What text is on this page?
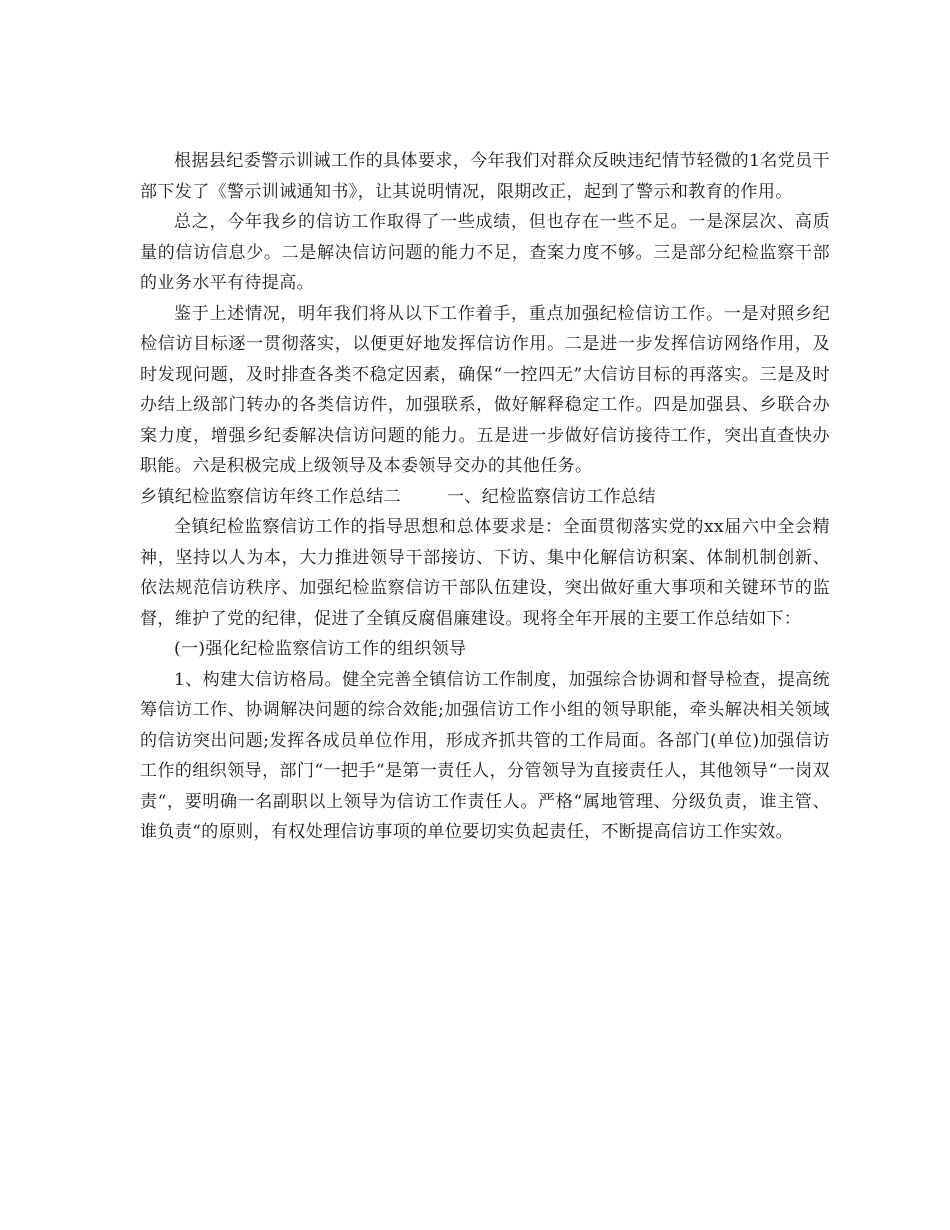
根据县纪委警示训诫工作的具体要求，今年我们对群众反映违纪情节轻微的1名党员干部下发了《警示训诫通知书》，让其说明情况，限期改正，起到了警示和教育的作用。

总之，今年我乡的信访工作取得了一些成绩，但也存在一些不足。一是深层次、高质量的信访信息少。二是解决信访问题的能力不足，查案力度不够。三是部分纪检监察干部的业务水平有待提高。

鉴于上述情况，明年我们将从以下工作着手，重点加强纪检信访工作。一是对照乡纪检信访目标逐一贯彻落实，以便更好地发挥信访作用。二是进一步发挥信访网络作用，及时发现问题，及时排查各类不稳定因素，确保“一控四无”大信访目标的再落实。三是及时办结上级部门转办的各类信访件，加强联系，做好解释稳定工作。四是加强县、乡联合办案力度，增强乡纪委解决信访问题的能力。五是进一步做好信访接待工作，突出直查快办职能。六是积极完成上级领导及本委领导交办的其他任务。

乡镇纪检监察信访年终工作总结二	一、纪检监察信访工作总结

全镇纪检监察信访工作的指导思想和总体要求是：全面贯彻落实党的xx届六中全会精神，坚持以人为本，大力推进领导干部接访、下访、集中化解信访积案、体制机制创新、依法规范信访秩序、加强纪检监察信访干部队伍建设，突出做好重大事项和关键环节的监督，维护了党的纪律，促进了全镇反腐倡廉建设。现将全年开展的主要工作总结如下：

(一)强化纪检监察信访工作的组织领导

1、构建大信访格局。健全完善全镇信访工作制度，加强综合协调和督导检查，提高统筹信访工作、协调解决问题的综合效能;加强信访工作小组的领导职能，牵头解决相关领域的信访突出问题;发挥各成员单位作用，形成齐抓共管的工作局面。各部门(单位)加强信访工作的组织领导，部门“一把手“是第一责任人，分管领导为直接责任人，其他领导“一岗双责“，要明确一名副职以上领导为信访工作责任人。严格“属地管理、分级负责，谁主管、谁负责“的原则，有权处理信访事项的单位要切实负起责任，不断提高信访工作实效。
